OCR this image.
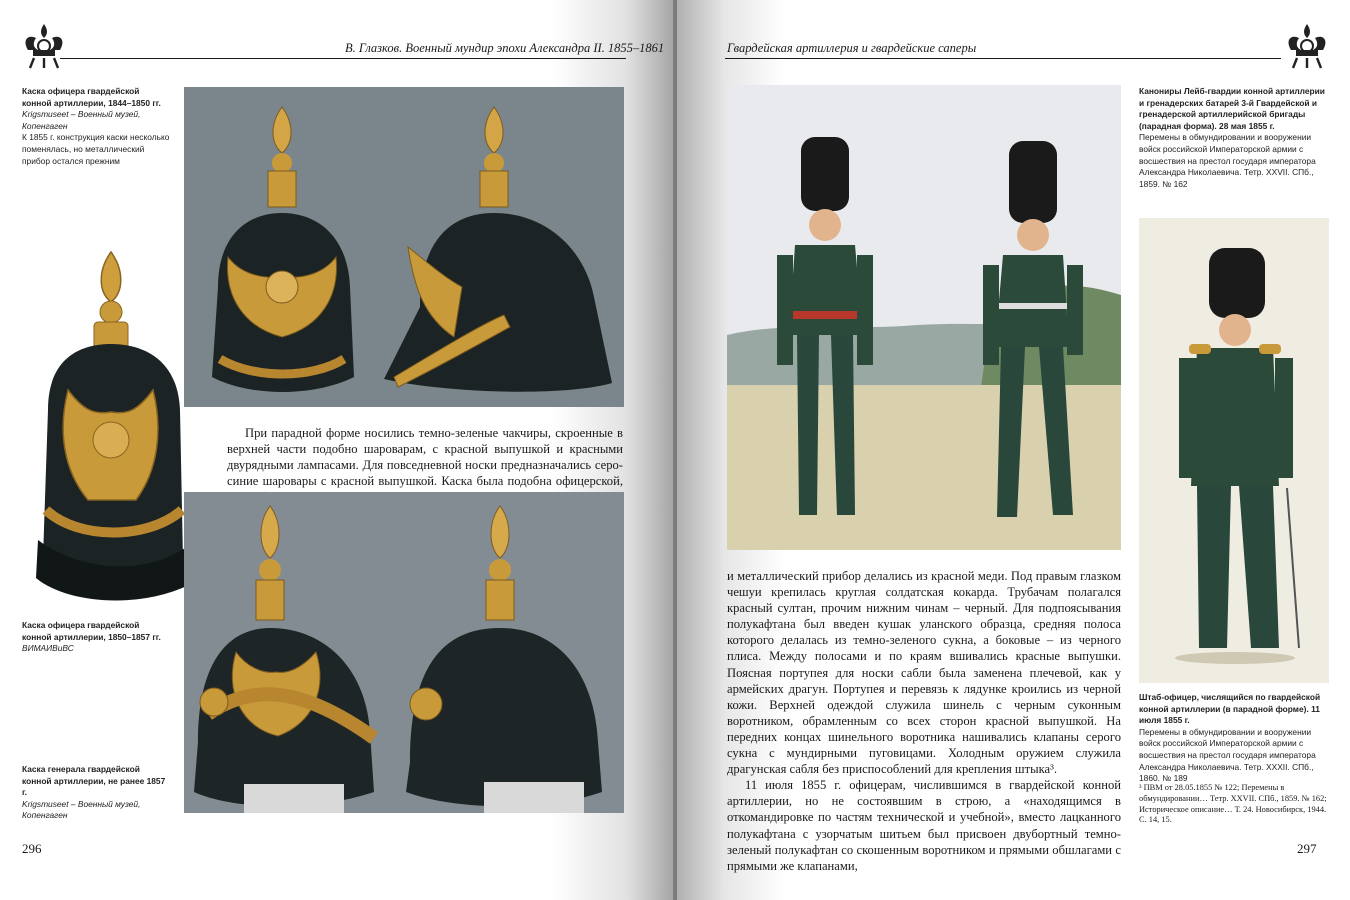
В. Глазков. Военный мундир эпохи Александра II. 1855–1861
Каска офицера гвардейской конной артиллерии, 1844–1850 гг.
Krigsmuseet – Военный музей, Копенгаген
К 1855 г. конструкция каски несколько поменялась, но металлический прибор остался прежним

При парадной форме носились темно-зеленые чакчиры, скроенные в верхней части подобно шароварам, с красной выпушкой и красными двурядными лампасами. Для повседневной носки предназначались серо-синие шаровары с красной выпушкой. Каска была подобна офицерской,

Каска офицера гвардейской конной артиллерии, 1850–1857 гг.
ВИМАИВиВС
Каска генерала гвардейской конной артиллерии, не ранее 1857 г.
Krigsmuseet – Военный музей, Копенгаген
296
Гвардейская артиллерия и гвардейские саперы
Канониры Лейб-гвардии конной артиллерии и гренадерских батарей 3-й Гвардейской и гренадерской артиллерийской бригады (парадная форма). 28 мая 1855 г.
Перемены в обмундировании и вооружении войск российской Императорской армии с восшествия на престол государя императора Александра Николаевича. Тетр. XXVII. СПб., 1859. № 162
Штаб-офицер, числящийся по гвардейской конной артиллерии (в парадной форме). 11 июля 1855 г.
Перемены в обмундировании и вооружении войск российской Императорской армии с восшествия на престол государя императора Александра Николаевича. Тетр. XXXII. СПб., 1860. № 189

и металлический прибор делались из красной меди. Под правым глазком чешуи крепилась круглая солдатская кокарда. Трубачам полагался красный султан, прочим нижним чинам – черный. Для подпоясывания полукафтана был введен кушак уланского образца, средняя полоса которого делалась из темно-зеленого сукна, а боковые – из черного плиса. Между полосами и по краям вшивались красные выпушки. Поясная портупея для носки сабли была заменена плечевой, как у армейских драгун. Портупея и перевязь к лядунке кроились из черной кожи. Верхней одеждой служила шинель с черным суконным воротником, обрамленным со всех сторон красной выпушкой. На передних концах шинельного воротника нашивались клапаны серого сукна с мундирными пуговицами. Холодным оружием служила драгунская сабля без приспособлений для крепления штыка³.

11 июля 1855 г. офицерам, числившимся в гвардейской конной артиллерии, но не состоявшим в строю, а «находящимся в откомандировке по частям технической и учебной», вместо лацканного полукафтана с узорчатым шитьем был присвоен двубортный темно-зеленый полукафтан со скошенным воротником и прямыми обшлагами с прямыми же клапанами,

³ ПВМ от 28.05.1855 № 122; Перемены в обмундировании… Тетр. XXVII. СПб., 1859. № 162; Историческое описание… Т. 24. Новосибирск, 1944. С. 14, 15.
297
